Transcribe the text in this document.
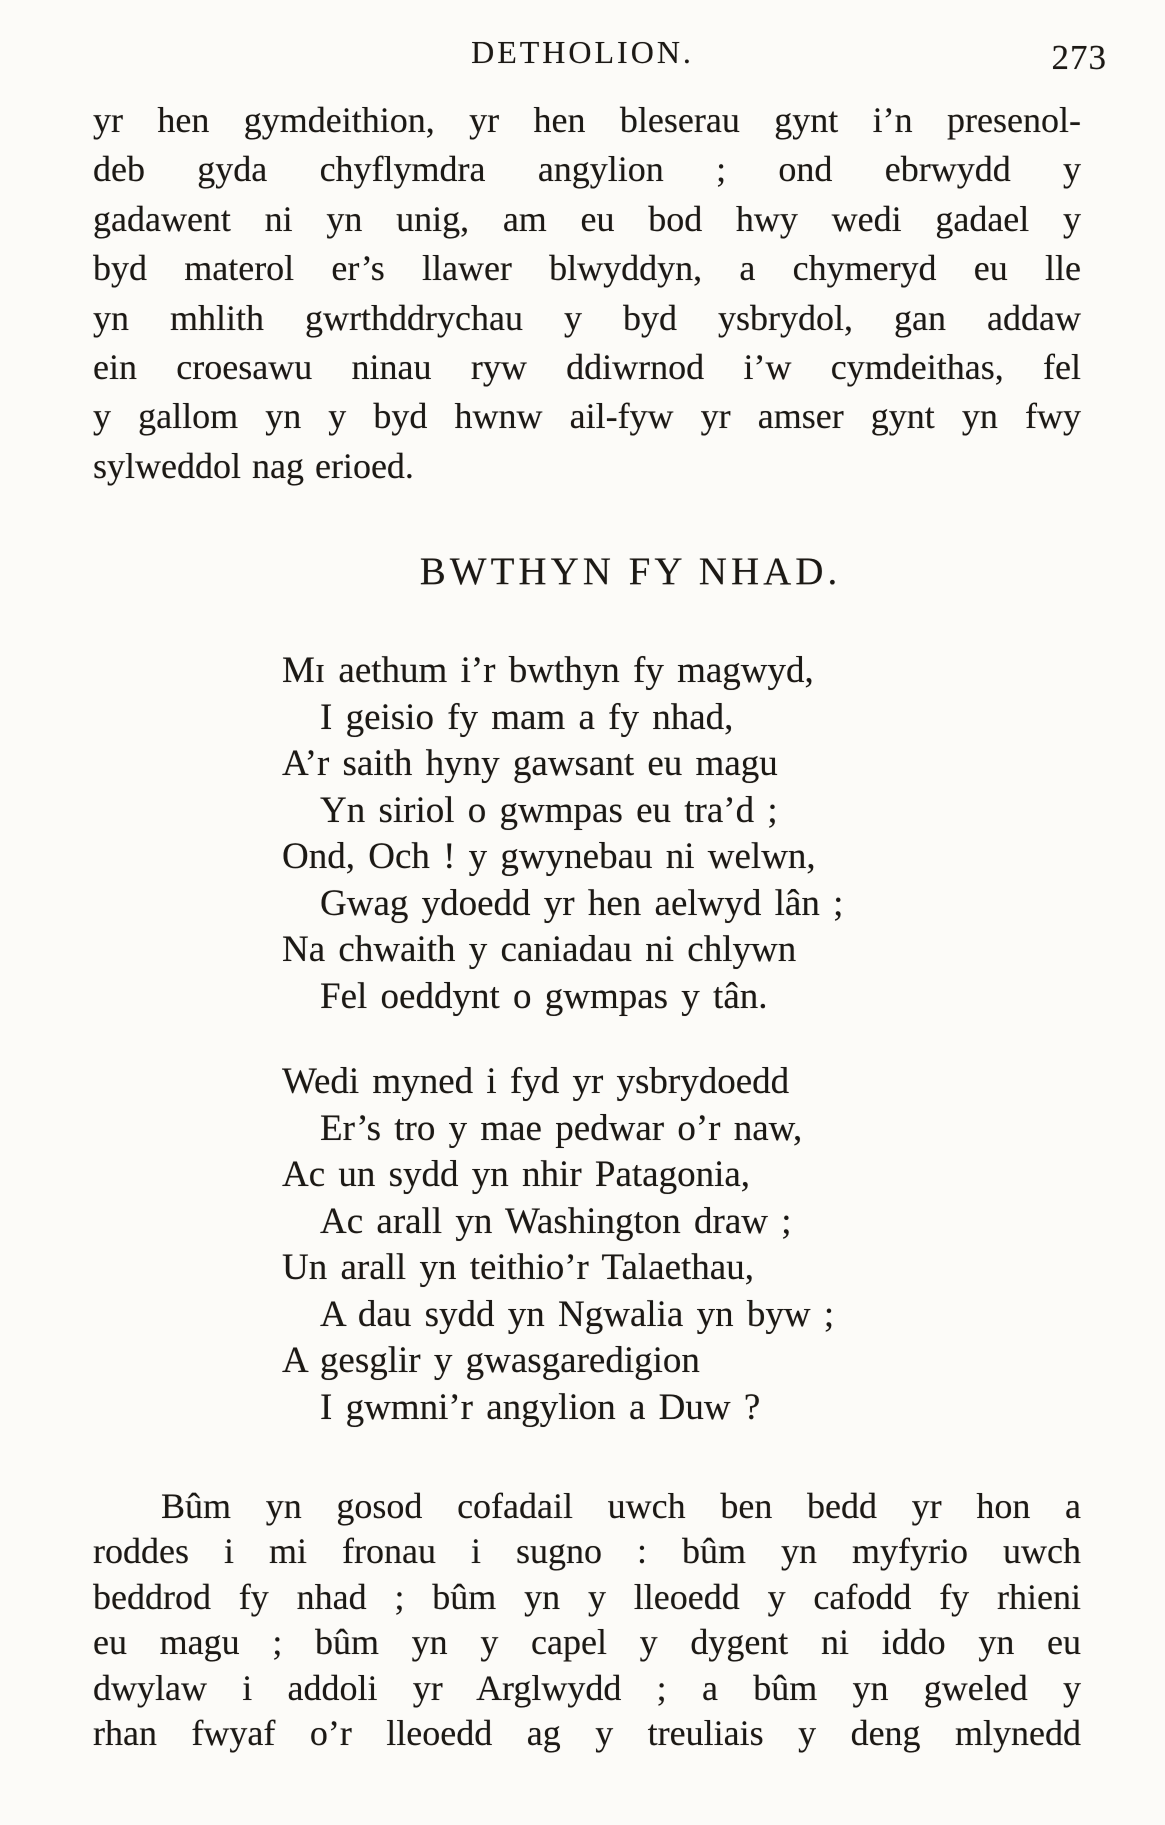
DETHOLION.	273
yr hen gymdeithion, yr hen bleserau gynt i’n presenol-
deb gyda chyflymdra angylion ; ond ebrwydd y
gadawent ni yn unig, am eu bod hwy wedi gadael y
byd materol er’s llawer blwyddyn, a chymeryd eu lle
yn mhlith gwrthddrychau y byd ysbrydol, gan addaw
ein croesawu ninau ryw ddiwrnod i’w cymdeithas, fel
y gallom yn y byd hwnw ail-fyw yr amser gynt yn fwy
sylweddol nag erioed.
BWTHYN FY NHAD.
Mɪ aethum i’r bwthyn fy magwyd,
I geisio fy mam a fy nhad,
A’r saith hyny gawsant eu magu
Yn siriol o gwmpas eu tra’d ;
Ond, Och ! y gwynebau ni welwn,
Gwag ydoedd yr hen aelwyd lân ;
Na chwaith y caniadau ni chlywn
Fel oeddynt o gwmpas y tân.
Wedi myned i fyd yr ysbrydoedd
Er’s tro y mae pedwar o’r naw,
Ac un sydd yn nhir Patagonia,
Ac arall yn Washington draw ;
Un arall yn teithio’r Talaethau,
A dau sydd yn Ngwalia yn byw ;
A gesglir y gwasgaredigion
I gwmni’r angylion a Duw ?
Bûm yn gosod cofadail uwch ben bedd yr hon a
roddes i mi fronau i sugno : bûm yn myfyrio uwch
beddrod fy nhad ; bûm yn y lleoedd y cafodd fy rhieni
eu magu ; bûm yn y capel y dygent ni iddo yn eu
dwylaw i addoli yr Arglwydd ; a bûm yn gweled y
rhan fwyaf o’r lleoedd ag y treuliais y deng mlynedd
